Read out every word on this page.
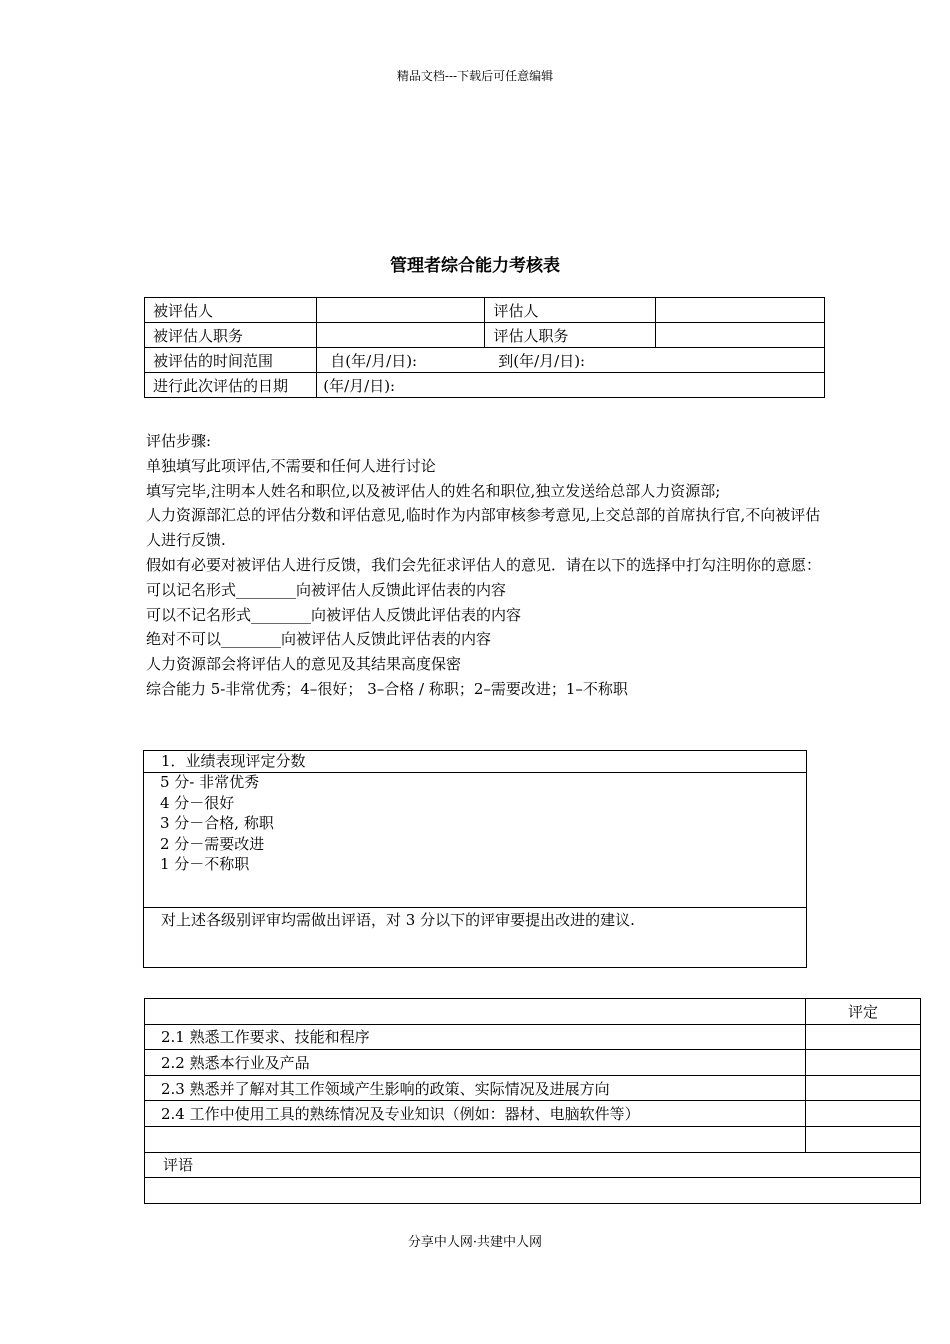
精品文档---下载后可任意编辑
管理者综合能力考核表
被评估人		评估人	
被评估人职务		评估人职务	
被评估的时间范围	自(年/月/日): 到(年/月/日):		
进行此次评估的日期	(年/月/日):		

评估步骤:

单独填写此项评估,不需要和任何人进行讨论

填写完毕,注明本人姓名和职位,以及被评估人的姓名和职位,独立发送给总部人力资源部;

人力资源部汇总的评估分数和评估意见,临时作为内部审核参考意见,上交总部的首席执行官,不向被评估人进行反馈.

假如有必要对被评估人进行反馈，我们会先征求评估人的意见．请在以下的选择中打勾注明你的意愿：

可以记名形式________向被评估人反馈此评估表的内容

可以不记名形式________向被评估人反馈此评估表的内容

绝对不可以________向被评估人反馈此评估表的内容

人力资源部会将评估人的意见及其结果高度保密

综合能力 5-非常优秀；4–很好； 3–合格 / 称职；2–需要改进；1–不称职

1．业绩表现评定分数
5 分- 非常优秀
4 分－很好
3 分－合格, 称职
2 分－需要改进
1 分－不称职
对上述各级别评审均需做出评语，对 3 分以下的评审要提出改进的建议.
	评定
2.1 熟悉工作要求、技能和程序	
2.2 熟悉本行业及产品	
2.3 熟悉并了解对其工作领域产生影响的政策、实际情况及进展方向	
2.4 工作中使用工具的熟练情况及专业知识（例如：器材、电脑软件等）	

评语	

分享中人网·共建中人网
